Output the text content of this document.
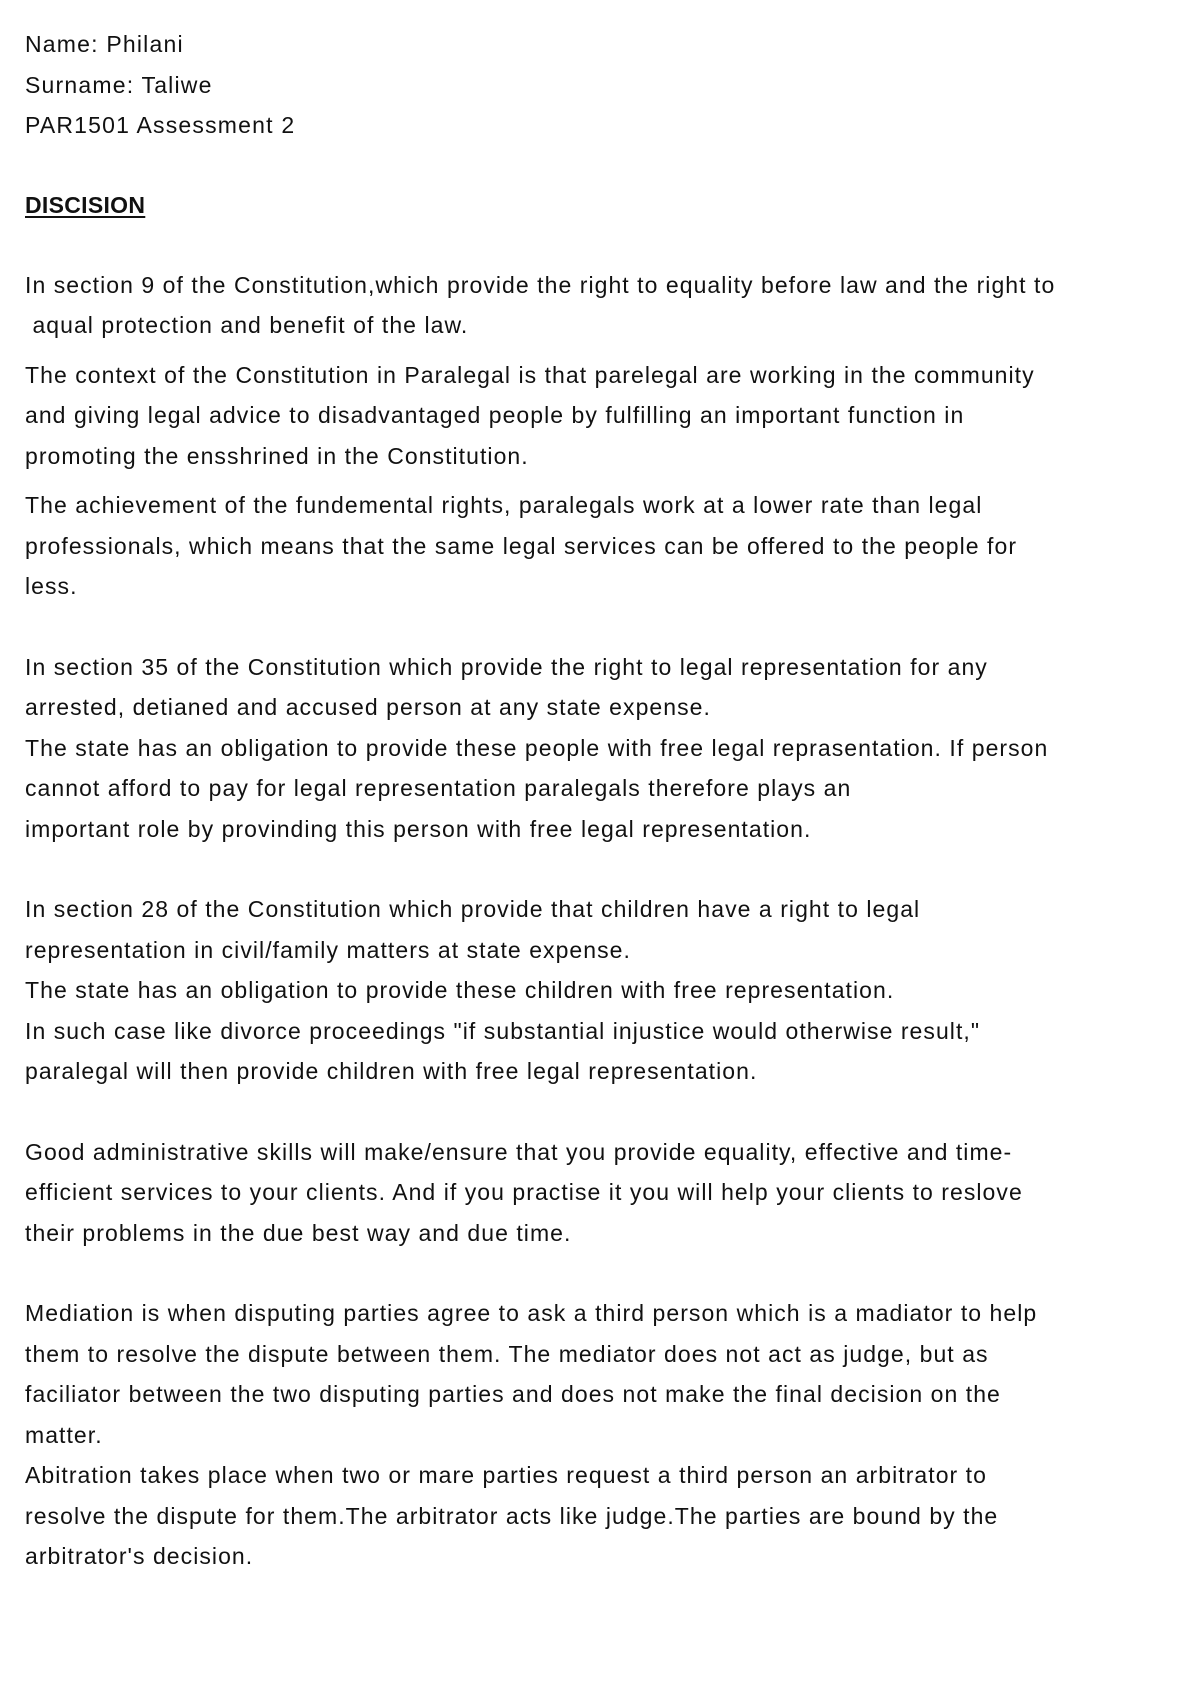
Name: Philani

Surname: Taliwe

PAR1501 Assessment 2

DISCISION
In section 9 of the Constitution,which provide the right to equality before law and the right to
aqual protection and benefit of the law.
The context of the Constitution in Paralegal is that parelegal are working in the community
and giving legal advice to disadvantaged people by fulfilling an important function in
promoting the ensshrined in the Constitution.
The achievement of the fundemental rights, paralegals work at a lower rate than legal
professionals, which means that the same legal services can be offered to the people for
less.
In section 35 of the Constitution which provide the right to legal representation for any
arrested, detianed and accused person at any state expense.
The state has an obligation to provide these people with free legal reprasentation. If person
cannot afford to pay for legal representation paralegals therefore plays an
important role by provinding this person with free legal representation.
In section 28 of the Constitution which provide that children have a right to legal
representation in civil/family matters at state expense.
The state has an obligation to provide these children with free representation.
In such case like divorce proceedings "if substantial injustice would otherwise result,"
paralegal will then provide children with free legal representation.
Good administrative skills will make/ensure that you provide equality, effective and time-
efficient services to your clients. And if you practise it you will help your clients to reslove
their problems in the due best way and due time.
Mediation is when disputing parties agree to ask a third person which is a madiator to help
them to resolve the dispute between them. The mediator does not act as judge, but as
faciliator between the two disputing parties and does not make the final decision on the
matter.
Abitration takes place when two or mare parties request a third person an arbitrator to
resolve the dispute for them.The arbitrator acts like judge.The parties are bound by the
arbitrator's decision.
